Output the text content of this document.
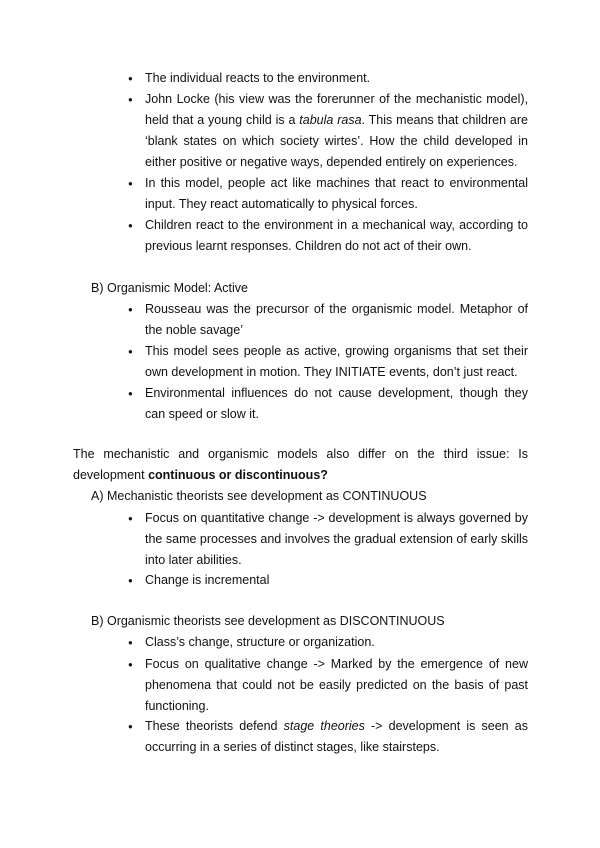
● The individual reacts to the environment.

● John Locke (his view was the forerunner of the mechanistic model), held that a young child is a tabula rasa. This means that children are ‘blank states on which society wirtes’. How the child developed in either positive or negative ways, depended entirely on experiences.

● In this model, people act like machines that react to environmental input. They react automatically to physical forces.

● Children react to the environment in a mechanical way, according to previous learnt responses. Children do not act of their own.

B) Organismic Model: Active

● Rousseau was the precursor of the organismic model. Metaphor of the noble savage’

● This model sees people as active, growing organisms that set their own development in motion. They INITIATE events, don’t just react.

● Environmental influences do not cause development, though they can speed or slow it.

The mechanistic and organismic models also differ on the third issue: Is
development continuous or discontinuous?

A) Mechanistic theorists see development as CONTINUOUS

● Focus on quantitative change -> development is always governed by the same processes and involves the gradual extension of early skills into later abilities.

● Change is incremental

B) Organismic theorists see development as DISCONTINUOUS

● Class’s change, structure or organization.

● Focus on qualitative change -> Marked by the emergence of new phenomena that could not be easily predicted on the basis of past functioning.

● These theorists defend stage theories -> development is seen as occurring in a series of distinct stages, like stairsteps.
